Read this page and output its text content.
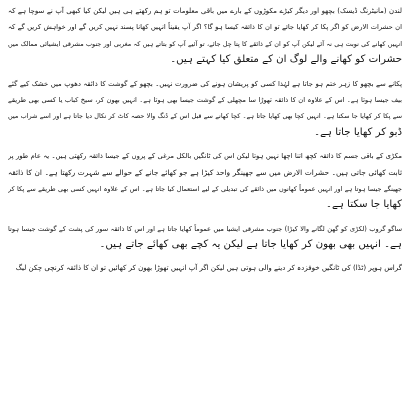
لندن (مانیٹرنگ ڈیسک) بچھو اور دیگر کیڑے مکوڑوں کے بارے میں باقی معلومات تو ہم رکھتے ہی ہیں لیکن کیا کبھی آپ نے سوچا ہے کہ
ان حشرات الارض کو اگر پکا کر کھایا جائے تو ان کا ذائقہ کیسا ہو گا؟ اگر آپ یقیناً انہیں کھانا پسند نہیں کریں گے اور خواہش کریں گے کہ
انہیں کھانے کی نوبت ہی نہ آئے لیکن آپ کو ان کے ذائقے کا پتا چل جائے، تو آئیے آپ کو بتاتے ہیں کہ مغربی اور جنوب مشرقی ایشیائی ممالک میں
حشرات کو کھانے والے لوگ ان کے متعلق کیا کہتے ہیں۔
پکانے سے بچھو کا زہر ختم ہو جاتا ہے لہٰذا کسی کو پریشان ہونے کی ضرورت نہیں۔ بچھو کے گوشت کا ذائقہ دھوپ میں خشک کیے گئے
بیف جیسا ہوتا ہے۔ اس کے علاوہ ان کا ذائقہ تھوڑا سا مچھلی کے گوشت جیسا بھی ہوتا ہے۔ انہیں بھون کر، سیخ کباب یا کسی بھی طریقے
سے پکا کر کھایا جا سکتا ہے۔ انہیں کچا بھی کھایا جاتا ہے۔ کچا کھانے سے قبل اس کے ڈنگ والا حصہ کاٹ کر نکال دیا جاتا ہے اور اسے شراب میں
ڈبو کر کھایا جاتا ہے۔
مکڑی کے باقی جسم کا ذائقہ کچھ اتنا اچھا نہیں ہوتا لیکن اس کی ٹانگیں بالکل مرغی کے پروں کے جیسا ذائقہ رکھتی ہیں۔ یہ عام طور پر
ثابت کھائی جاتی ہیں۔ حشرات الارض میں سے جھینگر واحد کیڑا ہے جو کھائے جانے کے حوالے سے شہرت رکھتا ہے۔ ان کا ذائقہ
جھینگے جیسا ہوتا ہے اور انہیں عموماً کھانوں میں ذائقے کی تبدیلی کے لیے استعمال کیا جاتا ہے۔ اس کے علاوہ انہیں کسی بھی طریقے سے پکا کر
کھایا جا سکتا ہے۔
ساگو گروب (لکڑی کو گھن لگانے والا کیڑا) جنوب مشرقی ایشیا میں عموماً کھایا جاتا ہے اور اس کا ذائقہ سور کی پشت کے گوشت جیسا ہوتا
ہے۔ انہیں بھی بھون کر کھایا جاتا ہے لیکن یہ کچے بھی کھائے جاتے ہیں۔
گراس ہوپر (ٹڈا) کی ٹانگیں خوفزدہ کر دینے والی ہوتی ہیں لیکن اگر آپ انہیں تھوڑا بھون کر کھائیں تو ان کا ذائقہ کرنچی چکن لیگ
